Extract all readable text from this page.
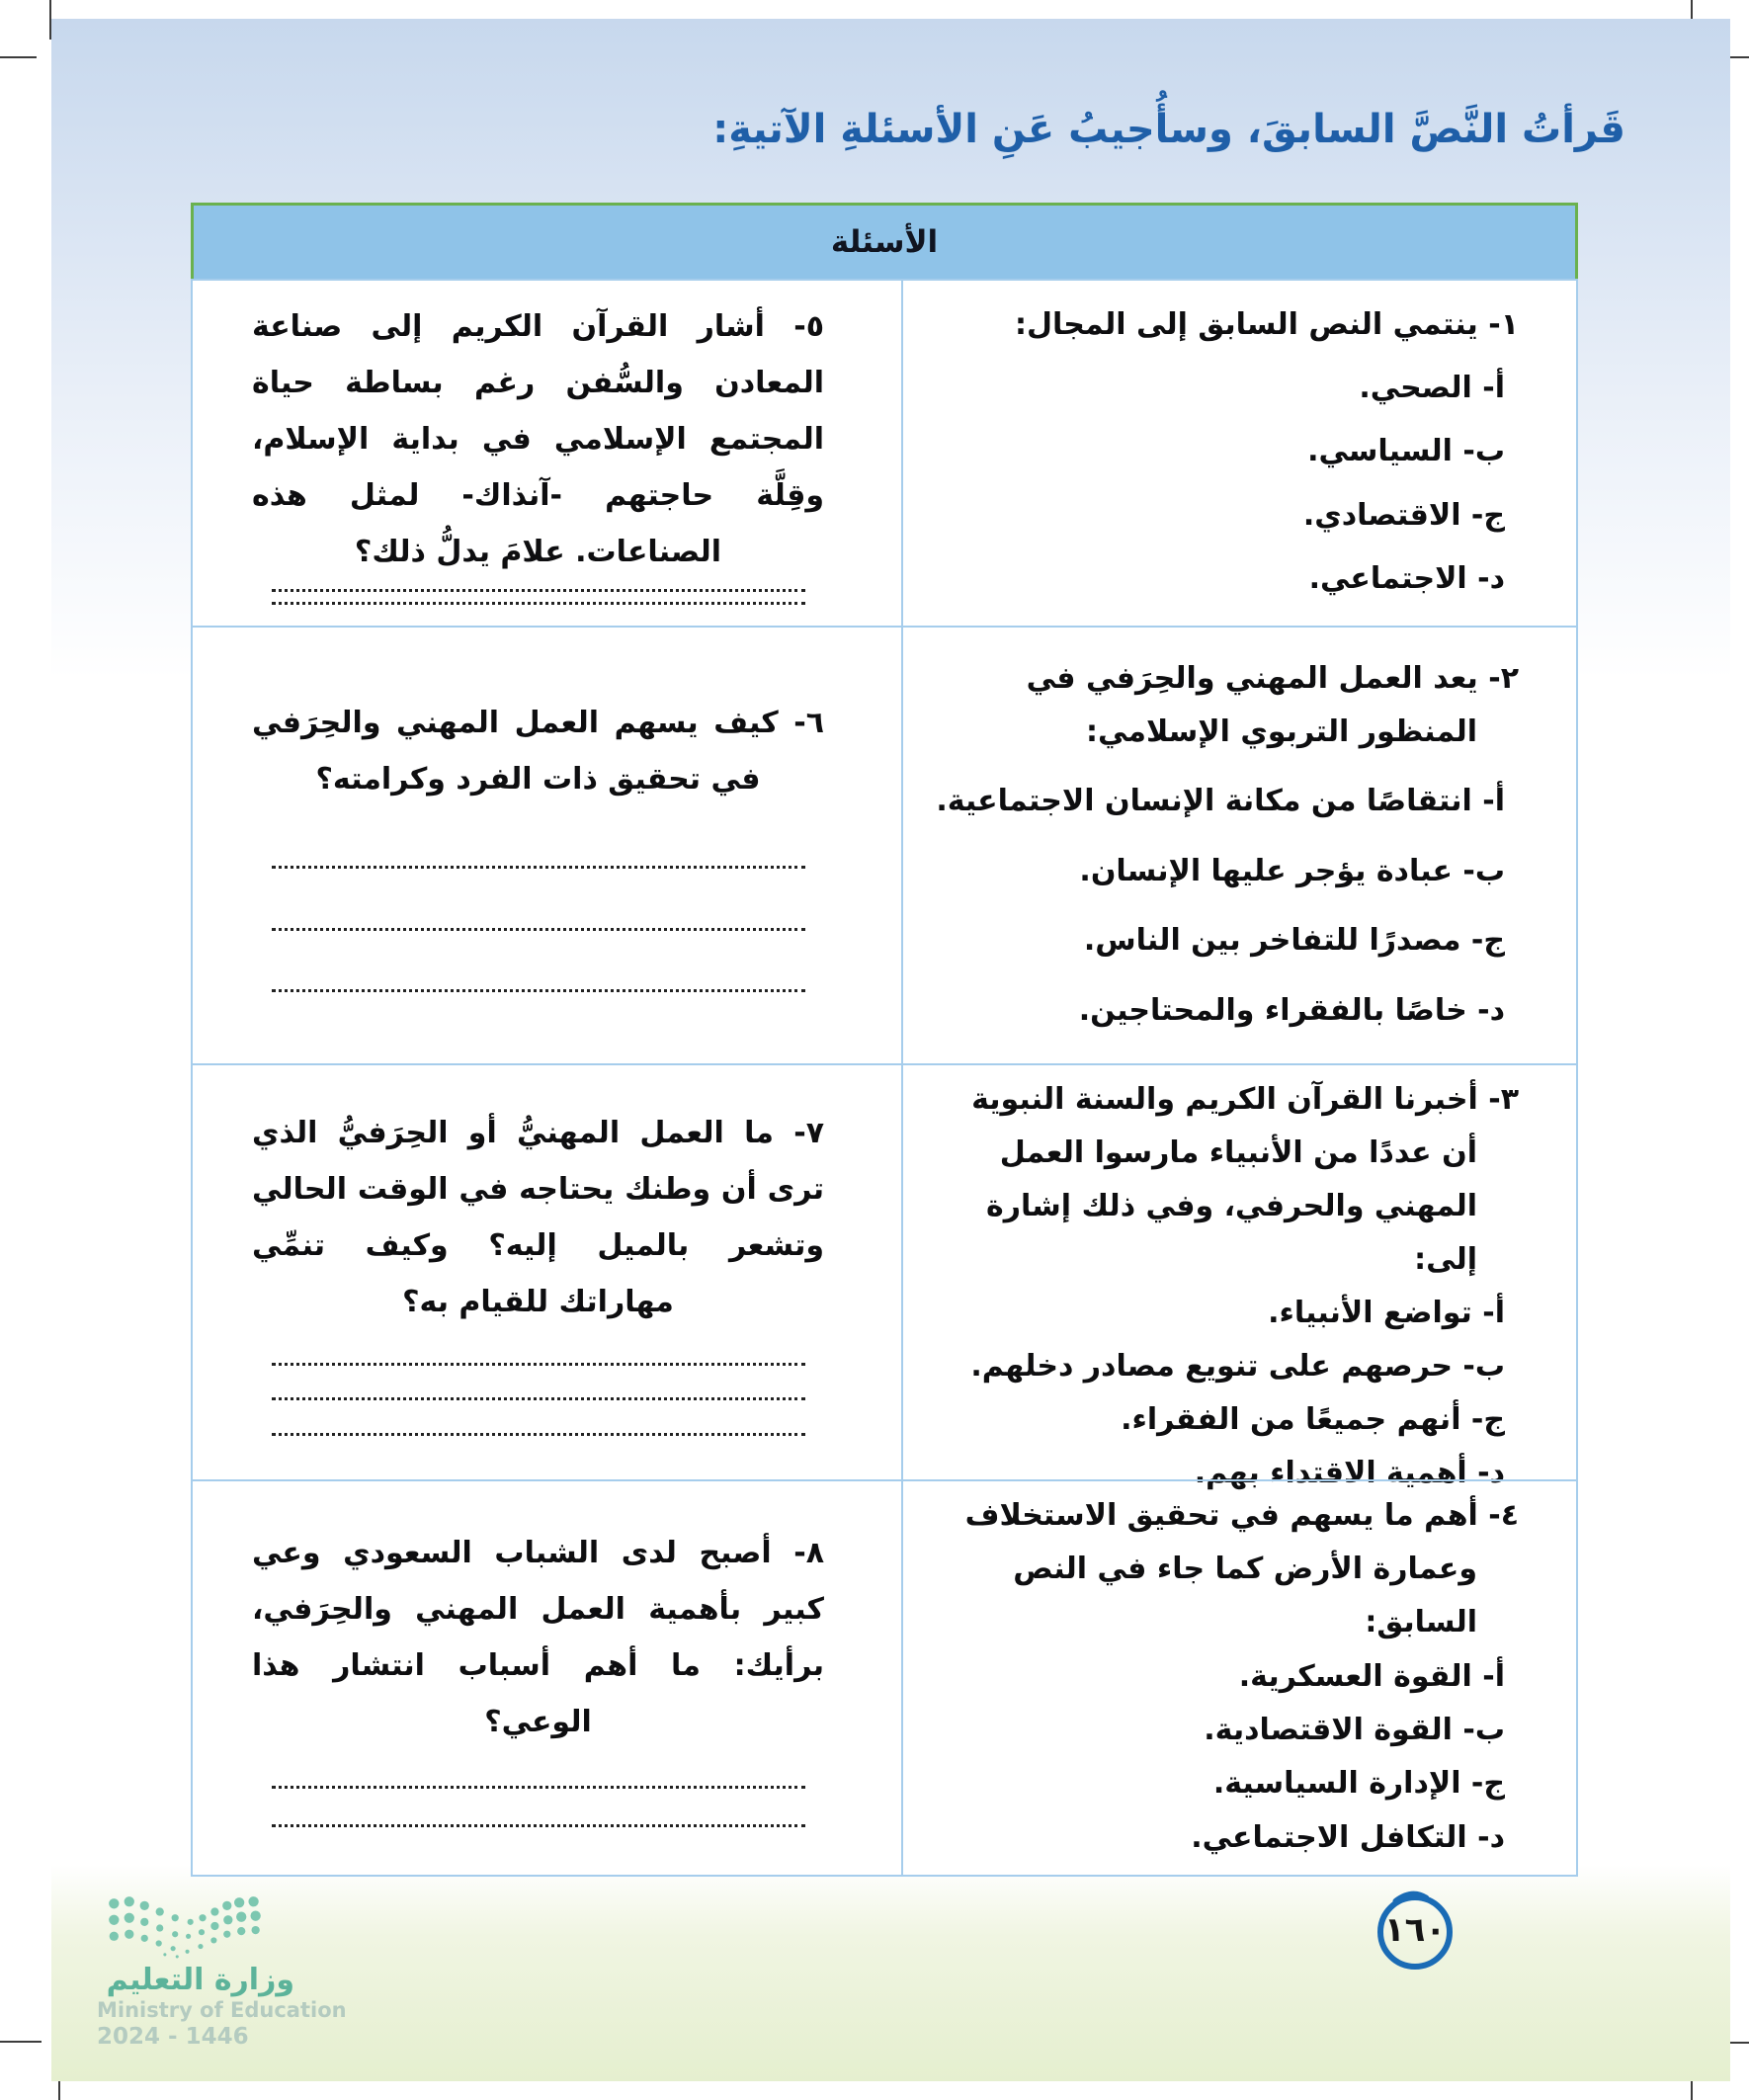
قَرأتُ النَّصَّ السابقَ، وسأُجيبُ عَنِ الأسئلةِ الآتيةِ:
الأسئلة
١- ينتمي النص السابق إلى المجال:
أ- الصحي.
ب- السياسي.
ج- الاقتصادي.
د- الاجتماعي.
٥- أشار القرآن الكريم إلى صناعة المعادن والسُّفن رغم بساطة حياة المجتمع الإسلامي في بداية الإسلام، وقِلَّة حاجتهم -آنذاك- لمثل هذه الصناعات. علامَ يدلُّ ذلك؟
٢- يعد العمل المهني والحِرَفي في المنظور التربوي الإسلامي:
أ- انتقاصًا من مكانة الإنسان الاجتماعية.
ب- عبادة يؤجر عليها الإنسان.
ج- مصدرًا للتفاخر بين الناس.
د- خاصًا بالفقراء والمحتاجين.
٦- كيف يسهم العمل المهني والحِرَفي في تحقيق ذات الفرد وكرامته؟
٣- أخبرنا القرآن الكريم والسنة النبوية أن عددًا من الأنبياء مارسوا العمل المهني والحرفي، وفي ذلك إشارة إلى:
أ- تواضع الأنبياء.
ب- حرصهم على تنويع مصادر دخلهم.
ج- أنهم جميعًا من الفقراء.
د- أهمية الاقتداء بهم.
٧- ما العمل المهنيُّ أو الحِرَفيُّ الذي ترى أن وطنك يحتاجه في الوقت الحالي وتشعر بالميل إليه؟ وكيف تنمِّي مهاراتك للقيام به؟
٤- أهم ما يسهم في تحقيق الاستخلاف وعمارة الأرض كما جاء في النص السابق:
أ- القوة العسكرية.
ب- القوة الاقتصادية.
ج- الإدارة السياسية.
د- التكافل الاجتماعي.
٨- أصبح لدى الشباب السعودي وعي كبير بأهمية العمل المهني والحِرَفي، برأيك: ما أهم أسباب انتشار هذا الوعي؟
وزارة التعليم
Ministry of Education
2024 - 1446
١٦٠
